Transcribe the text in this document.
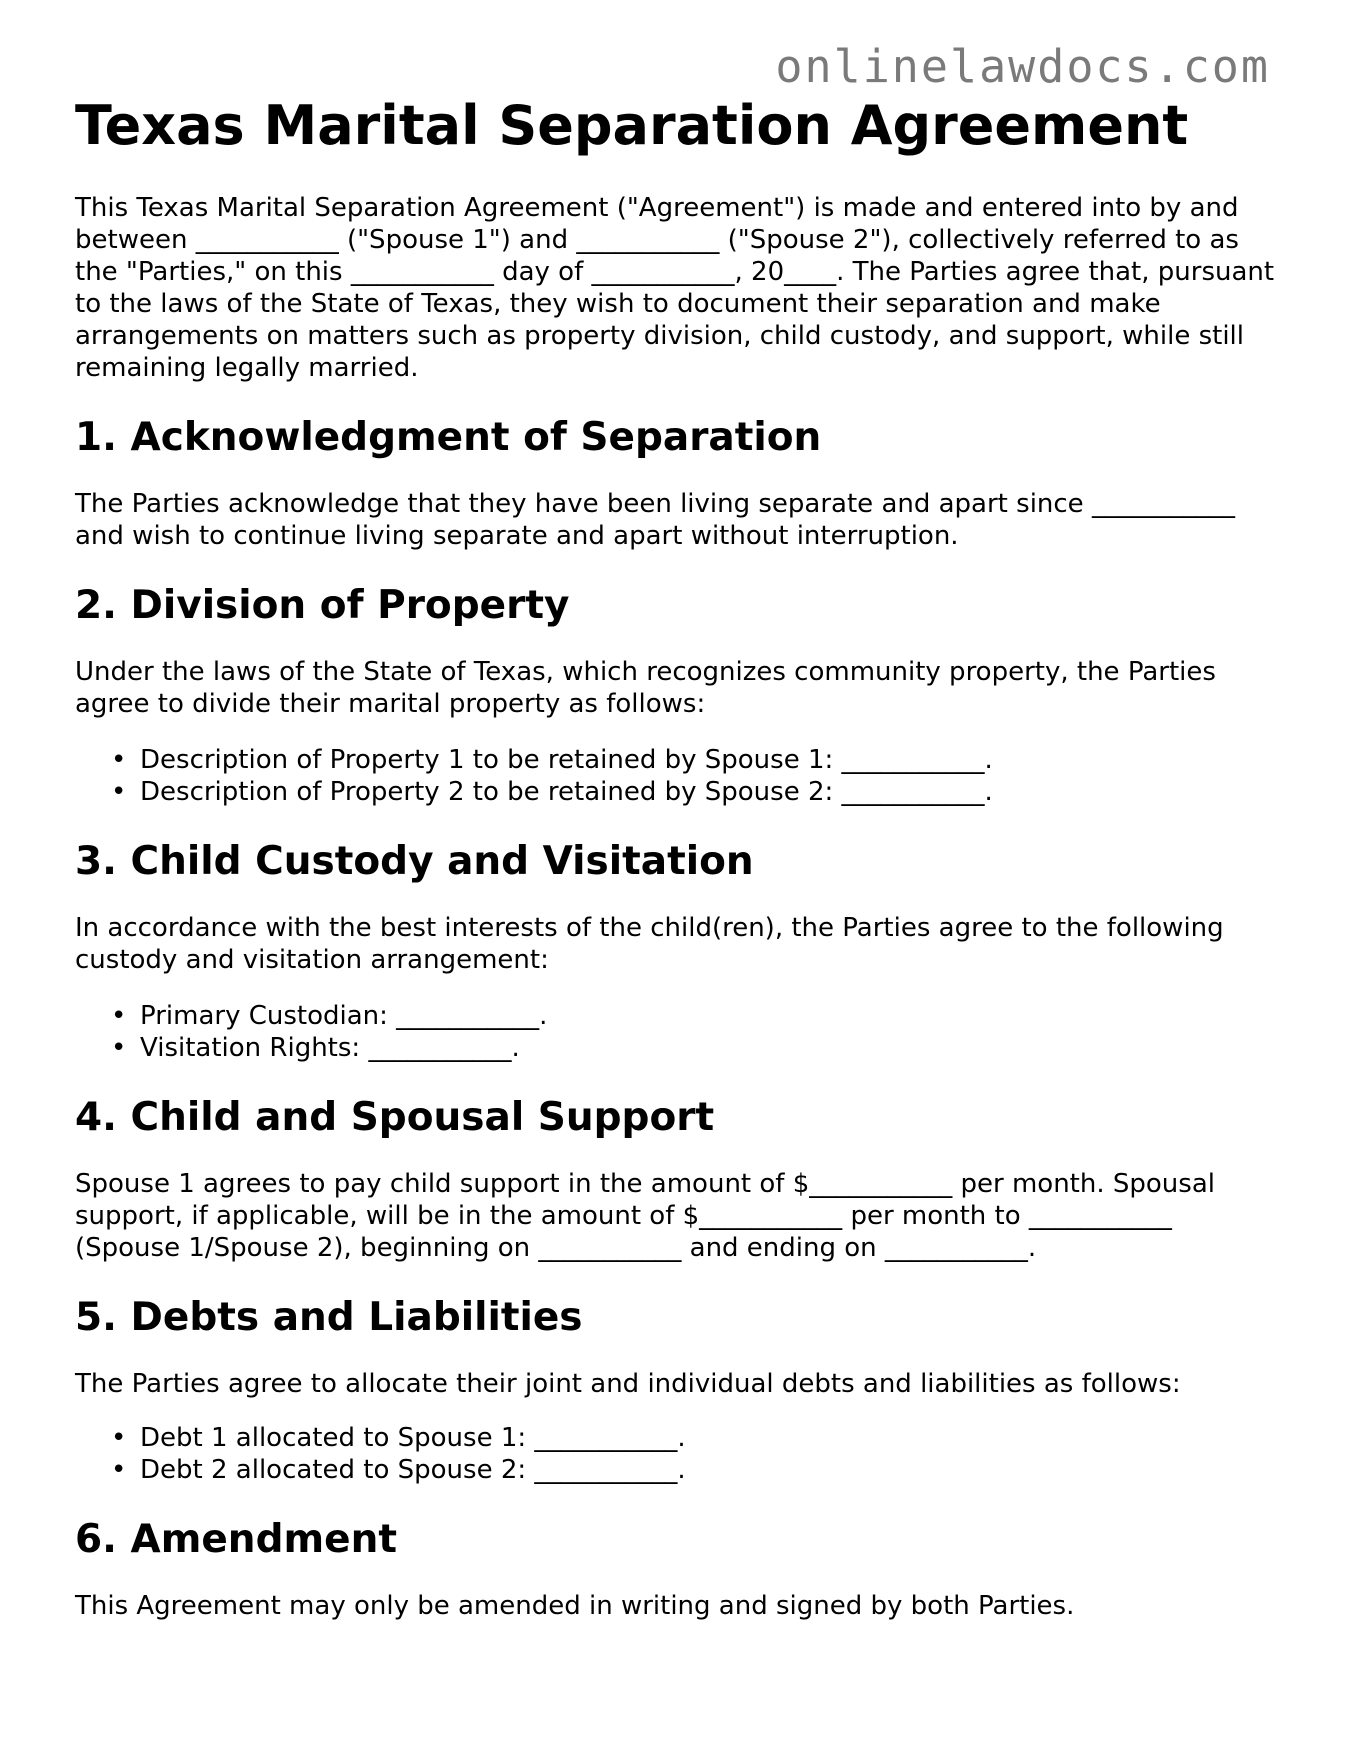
onlinelawdocs.com
Texas Marital Separation Agreement

This Texas Marital Separation Agreement ("Agreement") is made and entered into by and between ___________ ("Spouse 1") and ___________ ("Spouse 2"), collectively referred to as the "Parties," on this ___________ day of ___________, 20____. The Parties agree that, pursuant to the laws of the State of Texas, they wish to document their separation and make arrangements on matters such as property division, child custody, and support, while still remaining legally married.

1. Acknowledgment of Separation

The Parties acknowledge that they have been living separate and apart since ___________ and wish to continue living separate and apart without interruption.

2. Division of Property

Under the laws of the State of Texas, which recognizes community property, the Parties agree to divide their marital property as follows:

• Description of Property 1 to be retained by Spouse 1: ___________.
• Description of Property 2 to be retained by Spouse 2: ___________.
3. Child Custody and Visitation

In accordance with the best interests of the child(ren), the Parties agree to the following custody and visitation arrangement:

• Primary Custodian: ___________.
• Visitation Rights: ___________.
4. Child and Spousal Support

Spouse 1 agrees to pay child support in the amount of $___________ per month. Spousal support, if applicable, will be in the amount of $___________ per month to ___________ (Spouse 1/Spouse 2), beginning on ___________ and ending on ___________.

5. Debts and Liabilities

The Parties agree to allocate their joint and individual debts and liabilities as follows:

• Debt 1 allocated to Spouse 1: ___________.
• Debt 2 allocated to Spouse 2: ___________.
6. Amendment

This Agreement may only be amended in writing and signed by both Parties.
